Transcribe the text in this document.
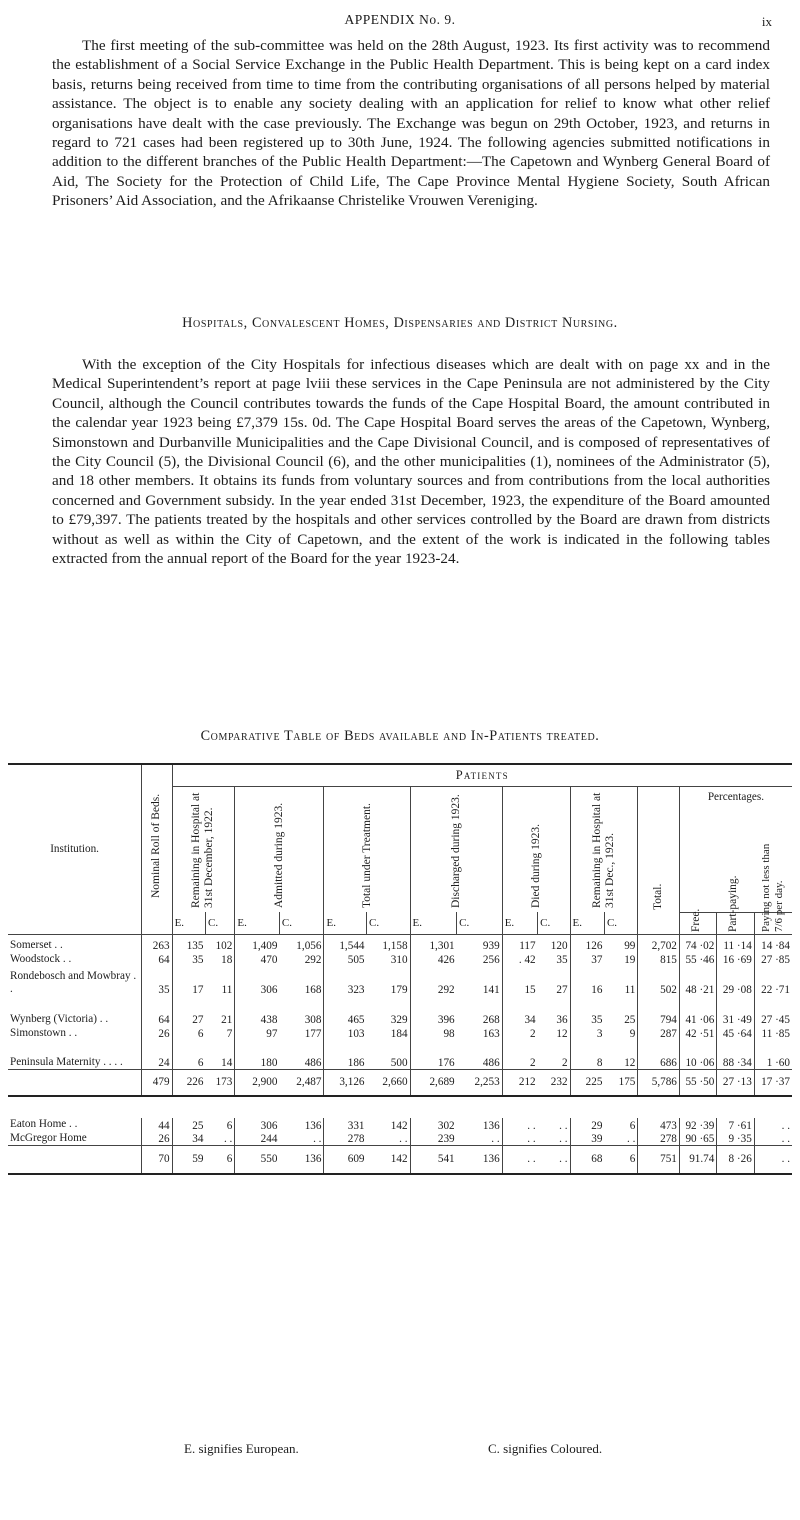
APPENDIX No. 9.	ix

The first meeting of the sub-committee was held on the 28th August, 1923. Its first activity was to recommend the establishment of a Social Service Exchange in the Public Health Department. This is being kept on a card index basis, returns being received from time to time from the contributing organisations of all persons helped by material assistance. The object is to enable any society dealing with an application for relief to know what other relief organisations have dealt with the case previously. The Exchange was begun on 29th October, 1923, and returns in regard to 721 cases had been registered up to 30th June, 1924. The following agencies submitted notifications in addition to the different branches of the Public Health Department:—The Capetown and Wynberg General Board of Aid, The Society for the Protection of Child Life, The Cape Province Mental Hygiene Society, South African Prisoners’ Aid Association, and the Afrikaanse Christelike Vrouwen Vereniging.

Hospitals, Convalescent Homes, Dispensaries and District Nursing.

With the exception of the City Hospitals for infectious diseases which are dealt with on page xx and in the Medical Superintendent’s report at page lviii these services in the Cape Peninsula are not administered by the City Council, although the Council contributes towards the funds of the Cape Hospital Board, the amount contributed in the calendar year 1923 being £7,379 15s. 0d. The Cape Hospital Board serves the areas of the Capetown, Wynberg, Simonstown and Durbanville Municipalities and the Cape Divisional Council, and is composed of representatives of the City Council (5), the Divisional Council (6), and the other municipalities (1), nominees of the Administrator (5), and 18 other members. It obtains its funds from voluntary sources and from contributions from the local authorities concerned and Government subsidy. In the year ended 31st December, 1923, the expenditure of the Board amounted to £79,397. The patients treated by the hospitals and other services controlled by the Board are drawn from districts without as well as within the City of Capetown, and the extent of the work is indicated in the following tables extracted from the annual report of the Board for the year 1923-24.

Comparative Table of Beds available and In-Patients treated.

Institution.	Nominal Roll of Beds.	Patients															

		Remaining in Hospital at 31st December, 1922.		Admitted during 1923.		Total under Treatment.		Discharged during 1923.		Died during 1923.		Remaining in Hospital at 31st Dec., 1923.		Total.	Percentages.		

		E.	C.	E.	C.	E.	C.	E.	C.	E.	C.	E.	C.		Free.	Part-paying.	Paying not less than 7/6 per day.

Somerset . .	263	135	102	1,409	1,056	1,544	1,158	1,301	939	117	120	126	99	2,702	74 ·02	11 ·14	14 ·84
Woodstock . .	64	35	18	470	292	505	310	426	256	. 42	35	37	19	815	55 ·46	16 ·69	27 ·85
Rondebosch and Mowbray . .	35	17	11	306	168	323	179	292	141	15	27	16	11	502	48 ·21	29 ·08	22 ·71
Wynberg (Victoria) . .	64	27	21	438	308	465	329	396	268	34	36	35	25	794	41 ·06	31 ·49	27 ·45
Simonstown . .	26	6	7	97	177	103	184	98	163	2	12	3	9	287	42 ·51	45 ·64	11 ·85
Peninsula Maternity . . . .	24	6	14	180	486	186	500	176	486	2	2	8	12	686	10 ·06	88 ·34	1 ·60
	479	226	173	2,900	2,487	3,126	2,660	2,689	2,253	212	232	225	175	5,786	55 ·50	27 ·13	17 ·37

Eaton Home . .	44	25	6	306	136	331	142	302	136	. .	. .	29	6	473	92 ·39	7 ·61	. .
McGregor Home	26	34	. .	244	. .	278	. .	239	. .	. .	. .	39	. .	278	90 ·65	9 ·35	. .
	70	59	6	550	136	609	142	541	136	. .	. .	68	6	751	91.74	8 ·26	. .
E. signifies European.	C. signifies Coloured.
